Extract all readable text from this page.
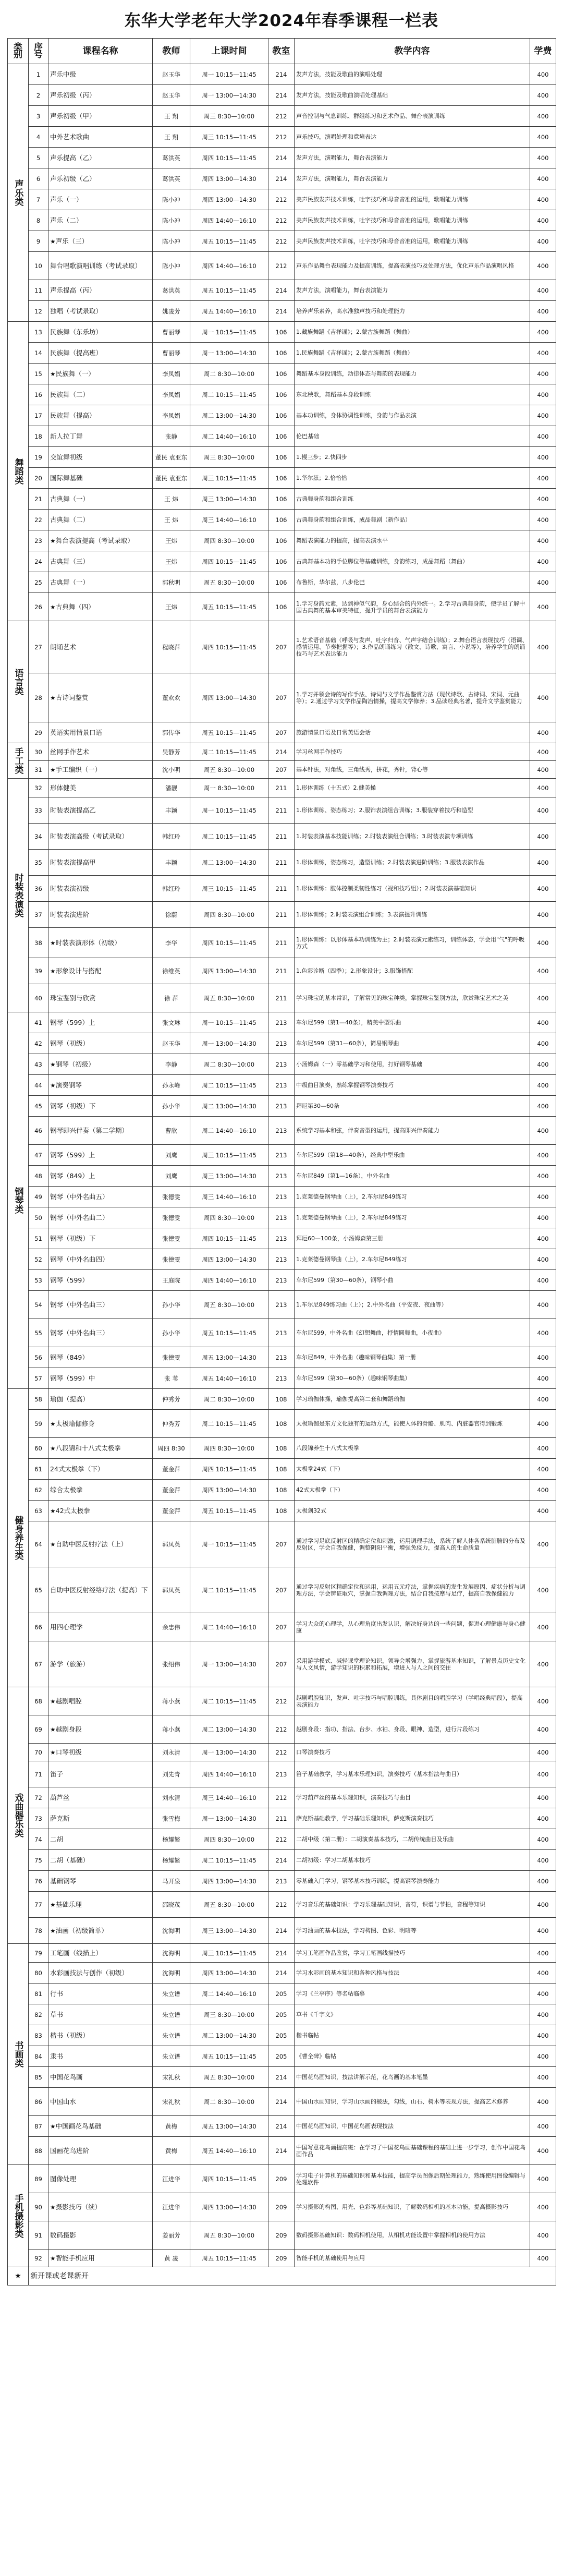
东华大学老年大学2024年春季课程一栏表
类别	序号	课程名称	教师	上课时间	教室	教学内容	学费
声乐类	1	声乐中级	赵玉华	周一 10:15—11:45	214	发声方法，技能及歌曲的演唱处理	400
	2	声乐初级（丙）	赵玉华	周一 13:00—14:30	214	发声方法，技能及歌曲演唱处理基础	400
	3	声乐初级（甲）	王 翔	周三 8:30—10:00	212	声音控制与气息训练、群组练习和艺术作品、舞台表演训练	400
	4	中外艺术歌曲	王 翔	周三 10:15—11:45	212	声乐技巧，演唱处理和意境表达	400
	5	声乐提高（乙）	葛洪英	周四 10:15—11:45	214	发声方法，演唱能力，舞台表演能力	400
	6	声乐初级（乙）	葛洪英	周四 13:00—14:30	214	发声方法，演唱能力，舞台表演能力	400
	7	声乐（一）	陈小冲	周四 13:00—14:30	212	美声民族发声技术训练，吐字技巧和母音音准的运用，歌唱能力训练	400
	8	声乐（二）	陈小冲	周四 14:40—16:10	212	美声民族发声技术训练，吐字技巧和母音音准的运用，歌唱能力训练	400
	9	★声乐（三）	陈小冲	周五 10:15—11:45	212	美声民族发声技术训练，吐字技巧和母音音准的运用，歌唱能力训练	400
	10	舞台唱歌演唱训练（考试录取）	陈小冲	周四 14:40—16:10	212	声乐作品舞台表现能力及提高训练，提高表演技巧及处理方法，优化声乐作品演唱风格	400
	11	声乐提高（丙）	葛洪英	周五 10:15—11:45	214	发声方法，演唱能力，舞台表演能力	400
	12	独唱（考试录取）	姚凌芳	周五 14:40—16:10	214	培养声乐素养，高水准独声技巧和处理能力	400
舞蹈类	13	民族舞（东乐坊）	曹丽琴	周一 10:15—11:45	106	1.藏族舞蹈《吉祥谣》；2.蒙古族舞蹈（舞曲）	400
	14	民族舞（提高班）	曹丽琴	周一 13:00—14:30	106	1.民族舞蹈《吉祥谣》；2.蒙古族舞蹈（舞曲）	400
	15	★民族舞（一）	李凤娟	周二 8:30—10:00	106	舞蹈基本身段训练，动律体态与舞韵的表现能力	400
	16	民族舞（二）	李凤娟	周二 10:15—11:45	106	东北秧歌，舞蹈基本身段训练	400
	17	民族舞（提高）	李凤娟	周二 13:00—14:30	106	基本功训练，身体协调性训练，身韵与作品表演	400
	18	新人拉丁舞	张静	周二 14:40—16:10	106	伦巴基础	400
	19	交谊舞初级	董民 袁亚东	周三 8:30—10:00	106	1.慢三步；2.快四步	400
	20	国际舞基础	董民 袁亚东	周三 10:15—11:45	106	1.华尔兹；2.恰恰恰	400
	21	古典舞（一）	王 炜	周三 13:00—14:30	106	古典舞身韵和组合训练	400
	22	古典舞（二）	王 炜	周三 14:40—16:10	106	古典舞身韵和组合训练，成品舞剧（新作品）	400
	23	★舞台表演提高（考试录取）	王炜	周四 8:30—10:00	106	舞蹈表演能力的提高，提高表演水平	400
	24	古典舞（三）	王炜	周四 10:15—11:45	106	古典舞基本功的手位脚位等基础训练，身韵练习，成品舞蹈（舞曲）	400
	25	古典舞（一）	郭秋明	周五 8:30—10:00	106	布鲁斯，华尔兹，八步伦巴	400
	26	★古典舞（四）	王炜	周五 10:15—11:45	106	1.学习身韵元素，达到神似气韵，身心结合的内外统一。2.学习古典舞身韵，使学员了解中国古典舞的基本审美特征，提升学员的舞台表演能力	400
语言类	27	朗诵艺术	程晓萍	周四 10:15—11:45	207	1.艺术语音基础（呼吸与发声、吐字归音、气声字结合训练）；2.舞台语言表现技巧（语调、感情运用、节奏把握等）；3.作品朗诵练习（散文、诗歌、寓言、小说等），培养学生的朗诵技巧与艺术表达能力	400
	28	★古诗词鉴赏	董欢欢	周四 13:00—14:30	207	1.学习并领会诗的写作手法、诗词与文学作品鉴赏方法（现代诗歌、古诗词、宋词、元曲等）；2.通过学习文学作品陶冶情操，提高文学修养；3.品读经典名著，提升文学鉴赏能力	400
	29	英语实用情景口语	郭传华	周五 10:15—11:45	207	旅游情景口语及日常英语会话	400
手工类	30	丝网手作艺术	吴静芳	周二 10:15—11:45	214	学习丝网手作技巧	400
	31	★手工编织（一）	沈小明	周五 8:30—10:00	207	基本针法，对角线，三角线秀，拼花，秀针，背心等	400
时装表演类	32	形体健美	潘靓	周一 8:30—10:00	211	1.形体训练（十五式）2.健美操	400
	33	时装表演提高乙	丰颖	周一 10:15—11:45	211	1.形体训练、姿态练习；2.服饰表演组合训练；3.服装穿着技巧和造型	400
	34	时装表演高级（考试录取）	韩红玲	周二 10:15—11:45	211	1.时装表演基本技能训练；2.时装表演组合训练；3.时装表演专项训练	400
	35	时装表演提高甲	丰颖	周二 13:00—14:30	211	1.形体训练，姿态练习，造型训练；2.时装表演进阶训练；3.服装表演作品	400
	36	时装表演初级	韩红玲	周三 10:15—11:45	211	1.形体训练：肢体控制柔韧性练习（视和技巧组）；2.时装表演基础知识	400
	37	时装表演进阶	徐蔚	周四 8:30—10:00	211	1.形体训练；2.时装表演组合训练；3.表演提升训练	400
	38	★时装表演形体（初级）	李华	周四 10:15—11:45	211	1.形体训练：以形体基本功训练为主；2.时装表演元素练习，训练体态，学会用"气"的呼吸方式	400
	39	★形象设计与搭配	徐维英	周四 13:00—14:30	211	1.色彩诊断（四季）；2.形象设计；3.服饰搭配	400
	40	珠宝鉴别与欣赏	徐 萍	周五 8:30—10:00	211	学习珠宝的基本常识，了解常见的珠宝种类，掌握珠宝鉴别方法，欣赏珠宝艺术之美	400
钢琴类	41	钢琴（599）上	张文琳	周一 10:15—11:45	213	车尔尼599（第1—40条），精美中型乐曲	400
	42	钢琴（初级）	赵玉华	周一 13:00—14:30	213	车尔尼599（第31—60条），简易钢琴曲	400
	43	★钢琴（初级）	李静	周二 8:30—10:00	213	小汤姆森（一）零基础学习和使用，打好钢琴基础	400
	44	★演奏钢琴	孙永峰	周二 10:15—11:45	213	中级曲目演奏，熟练掌握钢琴演奏技巧	400
	45	钢琴（初级）下	孙小华	周二 13:00—14:30	213	拜厄第30—60条	400
	46	钢琴即兴伴奏（第二学期）	曹欣	周二 14:40—16:10	213	系统学习基本和弦，伴奏音型的运用，提高即兴伴奏能力	400
	47	钢琴（599）上	刘鹰	周三 10:15—11:45	213	车尔尼599（第18—40条），经典中型乐曲	400
	48	钢琴（849）上	刘鹰	周三 13:00—14:30	213	车尔尼849（第1—16条），中外名曲	400
	49	钢琴（中外名曲五）	张德雯	周三 14:40—16:10	213	1.克莱德曼钢琴曲（上），2.车尔尼849练习	400
	50	钢琴（中外名曲二）	张德雯	周四 8:30—10:00	213	1.克莱德曼钢琴曲（上），2.车尔尼849练习	400
	51	钢琴（初级）下	张德雯	周四 10:15—11:45	213	拜厄60—100条，小汤姆森第三册	400
	52	钢琴（中外名曲四）	张德雯	周四 13:00—14:30	213	1.克莱德曼钢琴曲（上），2.车尔尼849练习	400
	53	钢琴（599）	王庭院	周四 14:40—16:10	213	车尔尼599（第30—60条），钢琴小曲	400
	54	钢琴（中外名曲三）	孙小华	周五 8:30—10:00	213	1.车尔尼849练习曲（上）；2.中外名曲（平安夜、夜曲等）	400
	55	钢琴（中外名曲三）	孙小华	周五 10:15—11:45	213	车尔尼599，中外名曲《幻想舞曲，抒情圆舞曲，小夜曲》	400
	56	钢琴（849）	张德雯	周五 13:00—14:30	213	车尔尼849，中外名曲（趣味钢琴曲集）第一册	400
	57	钢琴（599）中	张 苇	周五 14:40—16:10	213	车尔尼599（第30—60条）（趣味钢琴曲集）	400
健身养生类	58	瑜伽（提高）	仲秀芳	周二 8:30—10:00	108	学习瑜伽体操，瑜伽提高第二套和舞蹈瑜伽	400
	59	★太极瑜伽修身	仲秀芳	周二 10:15—11:45	108	太极瑜伽是东方文化独有的运动方式，能使人体的骨骼、肌肉、内脏器官得到锻炼	400
	60	★八段锦和十八式太极拳	周四 8:30	周四 8:30—10:00	108	八段锦养生十八式太极拳	400
	61	24式太极拳（下）	董金萍	周四 10:15—11:45	108	太极拳24式（下）	400
	62	综合太极拳	董金萍	周四 13:00—14:30	108	42式太极拳（下）	400
	63	★42式太极拳	董金萍	周五 10:15—11:45	108	太极剑32式	400
	64	★自助中医反射疗法（上）	郭凤英	周一 10:15—11:45	207	通过学习足底反射区的精确定位和刺激，运用调理手法，系统了解人体各系统脏腑的分布及反射区，学会自我保健，调整阴阳平衡，增强免疫力，提高人的生命质量	400
	65	自助中医反射经络疗法（提高）下	郭凤英	周二 10:15—11:45	207	通过学习反射区精确定位和运用，运用五元疗法，掌握疾病的发生发展原因、症状分析与调理方法，学会辨证取穴，掌握自我调理方法，结合自我按摩与足疗，提高自我保健能力	400
	66	用四心理学	余忠伟	周二 14:40—16:10	207	学习大众的心理学，从心理角度出发认识，解决好身边的一些问题，促进心理健康与身心健康	400
	67	游学（旅游）	张绍伟	周一 13:00—14:30	207	采用游学模式、减轻课堂理论知识，领导会增强力、掌握旅游基本知识，了解景点历史文化与人文风情，游学知识的积累和拓展，增进人与人之间的交往	400
戏曲器乐类	68	★越剧唱腔	蒋小燕	周二 10:15—11:45	212	越剧唱腔知识，发声、吐字技巧与唱腔训练，具体剧目的唱腔学习（学唱经典唱段），提高表演能力	400
	69	★越剧身段	蒋小燕	周二 13:00—14:30	212	越剧身段：指功、指法、台步、水袖、身段、眼神、造型，进行片段练习	400
	70	★口琴初级	刘永清	周一 13:00—14:30	212	口琴演奏技巧	400
	71	笛子	刘先青	周四 14:40—16:10	213	笛子基础教学，学习基本乐理知识，演奏技巧（基本指法与曲目）	400
	72	葫芦丝	刘永清	周三 14:40—16:10	212	学习葫芦丝的基本乐理知识，演奏技巧与曲目	400
	73	萨克斯	张雪梅	周一 13:00—14:30	211	萨克斯基础教学，学习基础乐理知识，萨克斯演奏技巧	400
	74	二胡	杨耀繁	周四 8:30—10:00	212	二胡中级（第二册）：二胡演奏基本技巧，二胡传统曲目及乐曲	400
	75	二胡（基础）	杨耀繁	周二 10:15—11:45	214	二胡初级：学习二胡基本技巧	400
	76	基础钢琴	马开泉	周四 13:00—14:30	213	零基础入门学习，钢琴基本技巧训练，提高钢琴演奏能力	400
	77	★基础乐理	邵晓茂	周五 8:30—10:00	212	学习音乐的基础知识：学习乐理基础知识，音符，识谱与节拍，音程等知识	400
	78	★油画（初级简单）	沈海明	周三 13:00—14:30	214	学习油画的基本技法，学习构图、色彩、明暗等	400
书画类	79	工笔画（线描上）	沈海明	周三 10:15—11:45	214	学习工笔画作品鉴赏，学习工笔画线描技巧	400
	80	水彩画技法与创作（初级）	沈海明	周四 13:00—14:30	214	学习水彩画的基本知识和各种风格与技法	400
	81	行书	朱立谱	周二 14:40—16:10	205	学习《兰亭序》等名帖临摹	400
	82	草书	朱立谱	周三 8:30—10:00	205	草书《千字文》	400
	83	楷书（初级）	朱立谱	周二 13:00—14:30	205	楷书临帖	400
	84	隶书	朱立谱	周五 10:15—11:45	205	《曹全碑》临帖	400
	85	中国花鸟画	宋礼秋	周五 8:30—10:00	214	中国花鸟画知识，技法讲解示范，花鸟画的基本笔墨	400
	86	中国山水	宋礼秋	周二 8:30—10:00	214	中国山水画知识，学习山水画的皴法，勾线，山石、树木等表现方法，提高艺术修养	400
	87	★中国画花鸟基础	黄梅	周五 13:00—14:30	214	中国花鸟画知识，中国花鸟画表现技法	400
	88	国画花鸟进阶	黄梅	周五 14:40—16:10	214	中国写意花鸟画提高班：在学习了中国花鸟画基础课程的基础上进一步学习，创作中国花鸟画作品	400
手机摄影类	89	图像处理	江进华	周四 10:15—11:45	209	学习电子计算机的基础知识和基本技能，提高学员图像后期处理能力，熟练使用图像编辑与处理软件	400
	90	★摄影技巧（续）	江进华	周四 13:00—14:30	209	学习摄影的构图、用光、色彩等基础知识，了解数码相机的基本功能，提高摄影技巧	400
	91	数码摄影	姜丽芳	周五 8:30—10:00	209	数码摄影基础知识：数码相机使用，从相机功能设置中掌握相机的使用方法	400
	92	★智能手机应用	黄 凌	周五 10:15—11:45	209	智能手机的基础使用与应用	400
★	新开课或老课新开						
